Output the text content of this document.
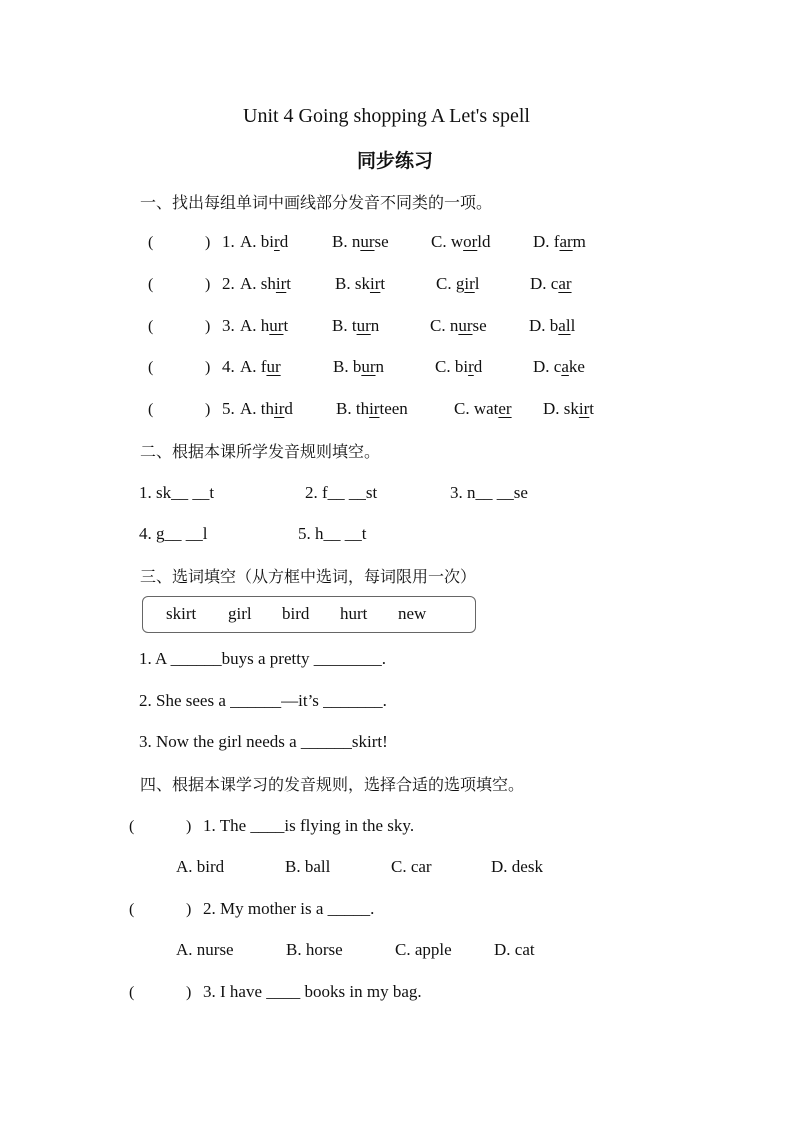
Unit 4 Going shopping A Let's spell
同步练习
一、找出每组单词中画线部分发音不同类的一项。
(	) 1. A. bird	B. nurse C. world D. farm
(	) 2. A. shirt	B. skirt	C. girl	D. car
(	) 3. A. hurt	B. turn	C. nurse D. ball
(	) 4. A. fur	B. burn	C. bird	D. cake
(	) 5. A. third	B. thirteen	C. water D. skirt
二、根据本课所学发音规则填空。
1. sk__ __t	2. f__ __st	3. n__ __se
4. g__ __l	5. h__ __t
三、选词填空（从方框中选词，每词限用一次）
skirt girl bird hurt new
1. A ______buys a pretty ________.
2. She sees a ______—it’s _______.
3. Now the girl needs a ______skirt!
四、根据本课学习的发音规则，选择合适的选项填空。
(	) 1. The ____is flying in the sky.
A. bird	B. ball	C. car	D. desk
(	) 2. My mother is a _____.
A. nurse	B. horse	C. apple D. cat
(	) 3. I have ____ books in my bag.
